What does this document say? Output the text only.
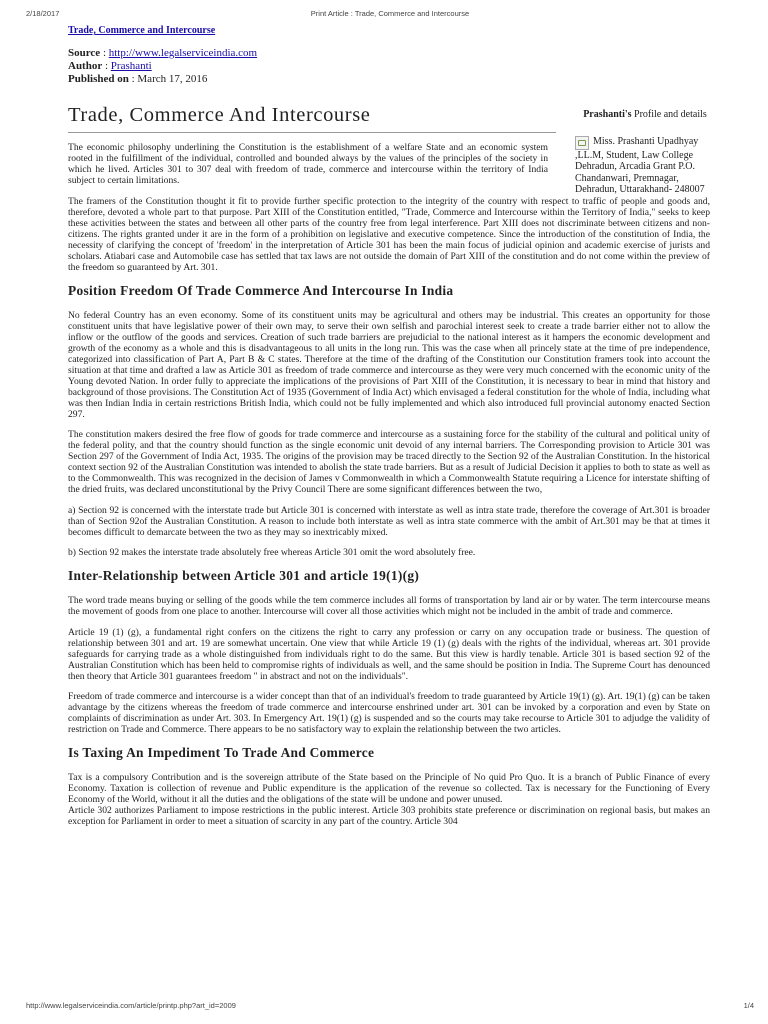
2/18/2017	Print Article : Trade, Commerce and Intercourse
Trade, Commerce and Intercourse
Source : http://www.legalserviceindia.com
Author : Prashanti
Published on : March 17, 2016
Trade, Commerce And Intercourse	Prashanti's Profile and details
Miss. Prashanti Upadhyay ,LL.M, Student, Law College Dehradun, Arcadia Grant P.O. Chandanwari, Premnagar, Dehradun, Uttarakhand- 248007

The economic philosophy underlining the Constitution is the establishment of a welfare State and an economic system rooted in the fulfillment of the individual, controlled and bounded always by the values of the principles of the society in which he lived. Articles 301 to 307 deal with freedom of trade, commerce and intercourse within the territory of India subject to certain limitations.

The framers of the Constitution thought it fit to provide further specific protection to the integrity of the country with respect to traffic of people and goods and, therefore, devoted a whole part to that purpose. Part XIII of the Constitution entitled, "Trade, Commerce and Intercourse within the Territory of India," seeks to keep these activities between the states and between all other parts of the country free from legal interference. Part XIII does not discriminate between citizens and non-citizens. The rights granted under it are in the form of a prohibition on legislative and executive competence. Since the introduction of the constitution of India, the necessity of clarifying the concept of 'freedom' in the interpretation of Article 301 has been the main focus of judicial opinion and academic exercise of jurists and scholars. Atiabari case and Automobile case has settled that tax laws are not outside the domain of Part XIII of the constitution and do not come within the preview of the freedom so guaranteed by Art. 301.

Position Freedom Of Trade Commerce And Intercourse In India

No federal Country has an even economy. Some of its constituent units may be agricultural and others may be industrial. This creates an opportunity for those constituent units that have legislative power of their own may, to serve their own selfish and parochial interest seek to create a trade barrier either not to allow the inflow or the outflow of the goods and services. Creation of such trade barriers are prejudicial to the national interest as it hampers the economic development and growth of the economy as a whole and this is disadvantageous to all units in the long run. This was the case when all princely state at the time of pre independence, categorized into classification of Part A, Part B & C states. Therefore at the time of the drafting of the Constitution our Constitution framers took into account the situation at that time and drafted a law as Article 301 as freedom of trade commerce and intercourse as they were very much concerned with the economic unity of the Young devoted Nation. In order fully to appreciate the implications of the provisions of Part XIII of the Constitution, it is necessary to bear in mind that history and background of those provisions. The Constitution Act of 1935 (Government of India Act) which envisaged a federal constitution for the whole of India, including what was then Indian India in certain restrictions British India, which could not be fully implemented and which also introduced full provincial autonomy enacted Section 297.

The constitution makers desired the free flow of goods for trade commerce and intercourse as a sustaining force for the stability of the cultural and political unity of the federal polity, and that the country should function as the single economic unit devoid of any internal barriers. The Corresponding provision to Article 301 was Section 297 of the Government of India Act, 1935. The origins of the provision may be traced directly to the Section 92 of the Australian Constitution. In the historical context section 92 of the Australian Constitution was intended to abolish the state trade barriers. But as a result of Judicial Decision it applies to both to state as well as to the Commonwealth. This was recognized in the decision of James v Commonwealth in which a Commonwealth Statute requiring a Licence for interstate shifting of the dried fruits, was declared unconstitutional by the Privy Council There are some significant differences between the two,

a) Section 92 is concerned with the interstate trade but Article 301 is concerned with interstate as well as intra state trade, therefore the coverage of Art.301 is broader than of Section 92of the Australian Constitution. A reason to include both interstate as well as intra state commerce with the ambit of Art.301 may be that at times it becomes difficult to demarcate between the two as they may so inextricably mixed.

b) Section 92 makes the interstate trade absolutely free whereas Article 301 omit the word absolutely free.

Inter-Relationship between Article 301 and article 19(1)(g)

The word trade means buying or selling of the goods while the tem commerce includes all forms of transportation by land air or by water. The term intercourse means the movement of goods from one place to another. Intercourse will cover all those activities which might not be included in the ambit of trade and commerce.

Article 19 (1) (g), a fundamental right confers on the citizens the right to carry any profession or carry on any occupation trade or business. The question of relationship between 301 and art. 19 are somewhat uncertain. One view that while Article 19 (1) (g) deals with the rights of the individual, whereas art. 301 provide safeguards for carrying trade as a whole distinguished from individuals right to do the same. But this view is hardly tenable. Article 301 is based section 92 of the Australian Constitution which has been held to compromise rights of individuals as well, and the same should be position in India. The Supreme Court has denounced then theory that Article 301 guarantees freedom " in abstract and not on the individuals".

Freedom of trade commerce and intercourse is a wider concept than that of an individual's freedom to trade guaranteed by Article 19(1) (g). Art. 19(1) (g) can be taken advantage by the citizens whereas the freedom of trade commerce and intercourse enshrined under art. 301 can be invoked by a corporation and even by State on complaints of discrimination as under Art. 303. In Emergency Art. 19(1) (g) is suspended and so the courts may take recourse to Article 301 to adjudge the validity of restriction on Trade and Commerce. There appears to be no satisfactory way to explain the relationship between the two articles.

Is Taxing An Impediment To Trade And Commerce

Tax is a compulsory Contribution and is the sovereign attribute of the State based on the Principle of No quid Pro Quo. It is a branch of Public Finance of every Economy. Taxation is collection of revenue and Public expenditure is the application of the revenue so collected. Tax is necessary for the Functioning of Every Economy of the World, without it all the duties and the obligations of the state will be undone and power unused.

Article 302 authorizes Parliament to impose restrictions in the public interest. Article 303 prohibits state preference or discrimination on regional basis, but makes an exception for Parliament in order to meet a situation of scarcity in any part of the country. Article 304

http://www.legalserviceindia.com/article/printp.php?art_id=2009	1/4
